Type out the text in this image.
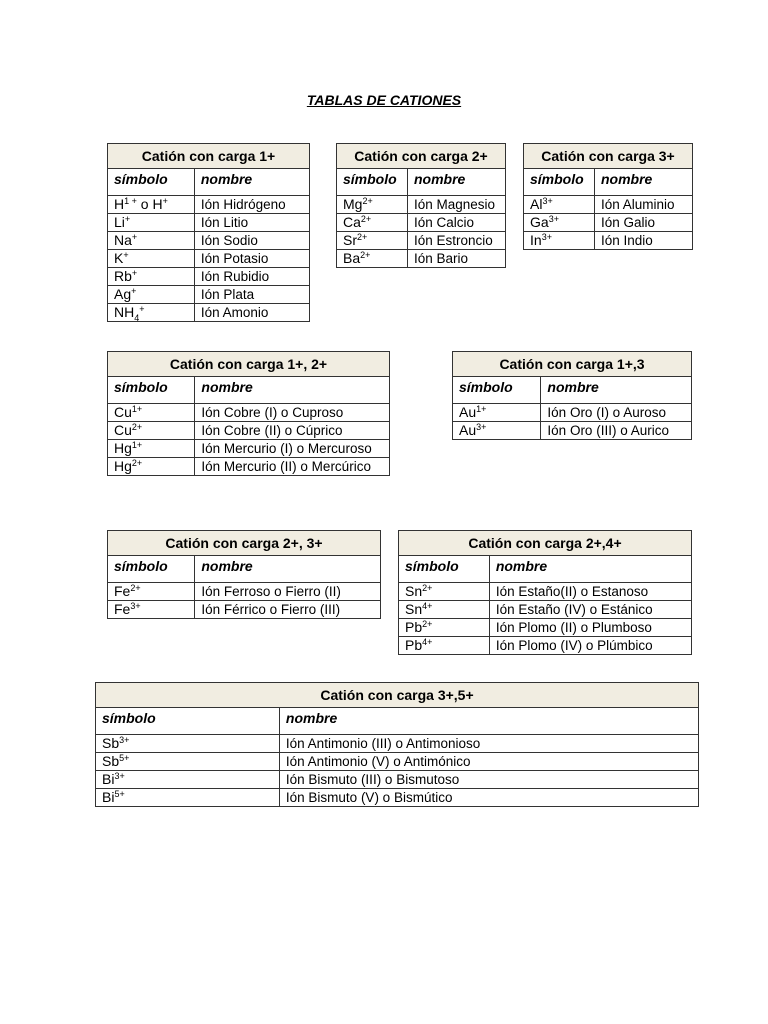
TABLAS DE CATIONES
Catión con carga 1+	
símbolo	nombre
$H^{1 +}$ o H+	Ión Hidrógeno
Li+	Ión Litio
Na+	Ión Sodio
K+	Ión Potasio
Rb+	Ión Rubidio
Ag+	Ión Plata
$NH_4^+$	Ión Amonio
Catión con carga 2+	
símbolo	nombre
$Mg^{2+}$	Ión Magnesio
$Ca^{2+}$	Ión Calcio
$Sr^{2+}$	Ión Estroncio
$Ba^{2+}$	Ión Bario
Catión con carga 3+	
símbolo	nombre
$Al^{3+}$	Ión Aluminio
$Ga^{3+}$	Ión Galio
$In^{3+}$	Ión Indio
Catión con carga 1+, 2+	
símbolo	nombre
$Cu^{1+}$	Ión Cobre (I) o Cuproso
$Cu^{2+}$	Ión Cobre (II) o Cúprico
$Hg^{1+}$	Ión Mercurio (I) o Mercuroso
$Hg^{2+}$	Ión Mercurio (II) o Mercúrico
Catión con carga 1+,3	
símbolo	nombre
$Au^{1+}$	Ión Oro (I) o Auroso
$Au^{3+}$	Ión Oro (III) o Aurico
Catión con carga 2+, 3+	
símbolo	nombre
$Fe^{2+}$	Ión Ferroso o Fierro (II)
$Fe^{3+}$	Ión Férrico o Fierro (III)
Catión con carga 2+,4+	
símbolo	nombre
$Sn^{2+}$	Ión Estaño(II) o Estanoso
$Sn^{4+}$	Ión Estaño (IV) o Estánico
$Pb^{2+}$	Ión Plomo (II) o Plumboso
$Pb^{4+}$	Ión Plomo (IV) o Plúmbico
Catión con carga 3+,5+	
símbolo	nombre
$Sb^{3+}$	Ión Antimonio (III) o Antimonioso
$Sb^{5+}$	Ión Antimonio (V) o Antimónico
$Bi^{3+}$	Ión Bismuto (III) o Bismutoso
$Bi^{5+}$	Ión Bismuto (V) o Bismútico
